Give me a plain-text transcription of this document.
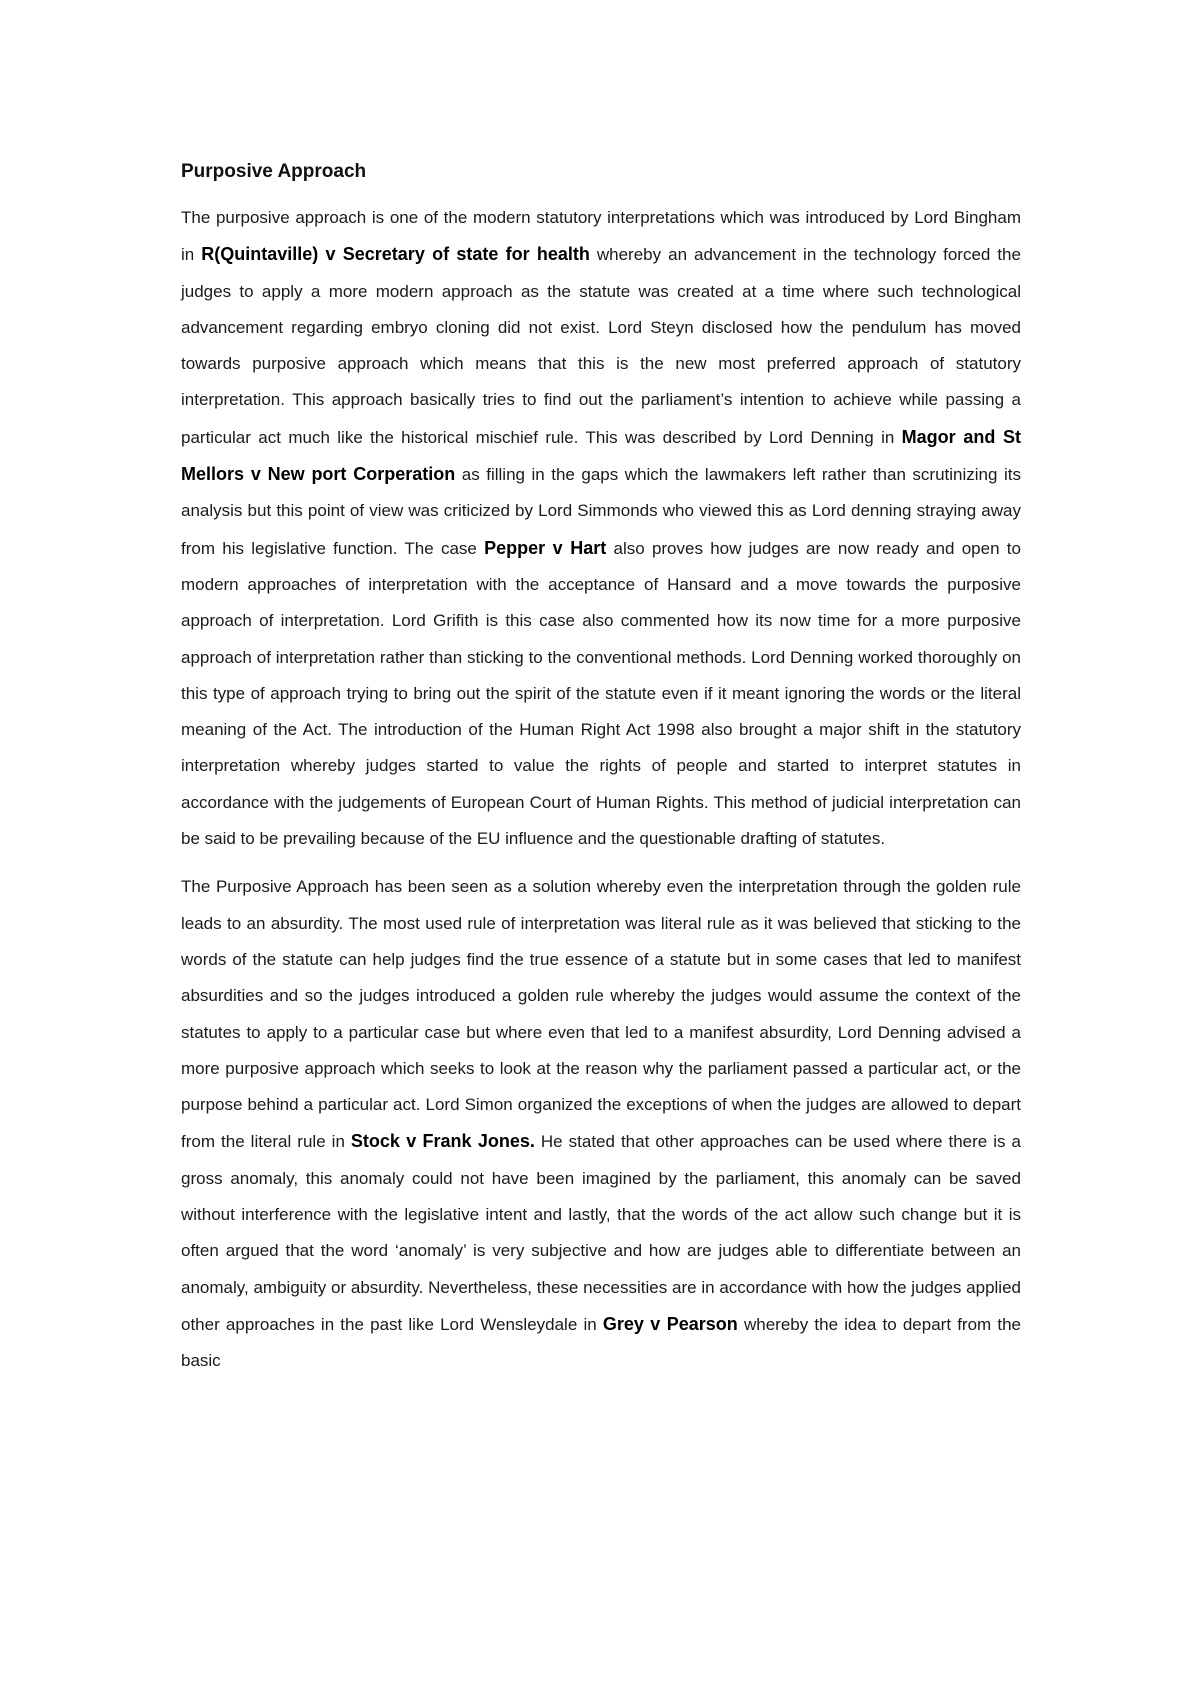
Purposive Approach

The purposive approach is one of the modern statutory interpretations which was introduced by Lord Bingham in R(Quintaville) v Secretary of state for health whereby an advancement in the technology forced the judges to apply a more modern approach as the statute was created at a time where such technological advancement regarding embryo cloning did not exist. Lord Steyn disclosed how the pendulum has moved towards purposive approach which means that this is the new most preferred approach of statutory interpretation. This approach basically tries to find out the parliament’s intention to achieve while passing a particular act much like the historical mischief rule. This was described by Lord Denning in Magor and St Mellors v New port Corperation as filling in the gaps which the lawmakers left rather than scrutinizing its analysis but this point of view was criticized by Lord Simmonds who viewed this as Lord denning straying away from his legislative function. The case Pepper v Hart also proves how judges are now ready and open to modern approaches of interpretation with the acceptance of Hansard and a move towards the purposive approach of interpretation. Lord Grifith is this case also commented how its now time for a more purposive approach of interpretation rather than sticking to the conventional methods. Lord Denning worked thoroughly on this type of approach trying to bring out the spirit of the statute even if it meant ignoring the words or the literal meaning of the Act. The introduction of the Human Right Act 1998 also brought a major shift in the statutory interpretation whereby judges started to value the rights of people and started to interpret statutes in accordance with the judgements of European Court of Human Rights. This method of judicial interpretation can be said to be prevailing because of the EU influence and the questionable drafting of statutes.

The Purposive Approach has been seen as a solution whereby even the interpretation through the golden rule leads to an absurdity. The most used rule of interpretation was literal rule as it was believed that sticking to the words of the statute can help judges find the true essence of a statute but in some cases that led to manifest absurdities and so the judges introduced a golden rule whereby the judges would assume the context of the statutes to apply to a particular case but where even that led to a manifest absurdity, Lord Denning advised a more purposive approach which seeks to look at the reason why the parliament passed a particular act, or the purpose behind a particular act. Lord Simon organized the exceptions of when the judges are allowed to depart from the literal rule in Stock v Frank Jones. He stated that other approaches can be used where there is a gross anomaly, this anomaly could not have been imagined by the parliament, this anomaly can be saved without interference with the legislative intent and lastly, that the words of the act allow such change but it is often argued that the word ‘anomaly’ is very subjective and how are judges able to differentiate between an anomaly, ambiguity or absurdity. Nevertheless, these necessities are in accordance with how the judges applied other approaches in the past like Lord Wensleydale in Grey v Pearson whereby the idea to depart from the basic
